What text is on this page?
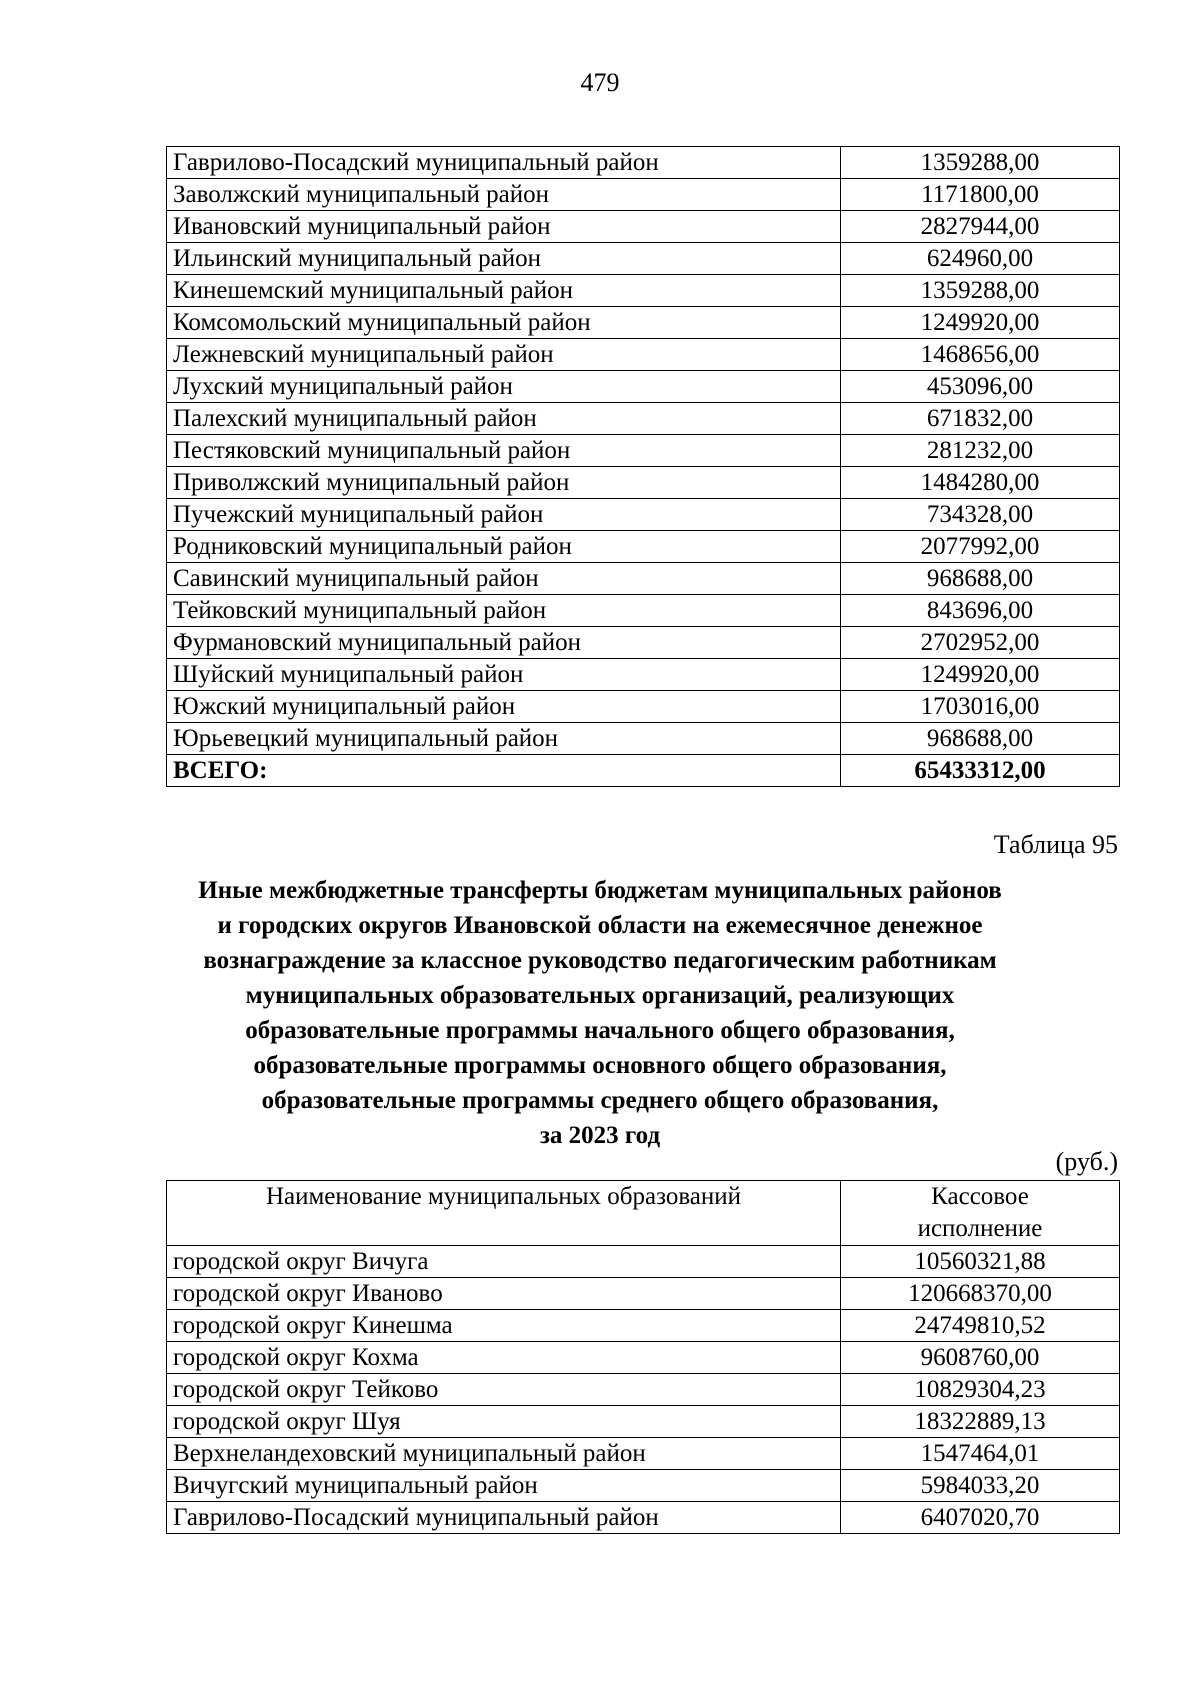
479
Гаврилово-Посадский муниципальный район	1359288,00
Заволжский муниципальный район	1171800,00
Ивановский муниципальный район	2827944,00
Ильинский муниципальный район	624960,00
Кинешемский муниципальный район	1359288,00
Комсомольский муниципальный район	1249920,00
Лежневский муниципальный район	1468656,00
Лухский муниципальный район	453096,00
Палехский муниципальный район	671832,00
Пестяковский муниципальный район	281232,00
Приволжский муниципальный район	1484280,00
Пучежский муниципальный район	734328,00
Родниковский муниципальный район	2077992,00
Савинский муниципальный район	968688,00
Тейковский муниципальный район	843696,00
Фурмановский муниципальный район	2702952,00
Шуйский муниципальный район	1249920,00
Южский муниципальный район	1703016,00
Юрьевецкий муниципальный район	968688,00
ВСЕГО:	65433312,00
Таблица 95
Иные межбюджетные трансферты бюджетам муниципальных районов
и городских округов Ивановской области на ежемесячное денежное
вознаграждение за классное руководство педагогическим работникам
муниципальных образовательных организаций, реализующих
образовательные программы начального общего образования,
образовательные программы основного общего образования,
образовательные программы среднего общего образования,
за 2023 год
(руб.)
Наименование муниципальных образований	Кассовое
исполнение

городской округ Вичуга	10560321,88
городской округ Иваново	120668370,00
городской округ Кинешма	24749810,52
городской округ Кохма	9608760,00
городской округ Тейково	10829304,23
городской округ Шуя	18322889,13
Верхнеландеховский муниципальный район	1547464,01
Вичугский муниципальный район	5984033,20
Гаврилово-Посадский муниципальный район	6407020,70
